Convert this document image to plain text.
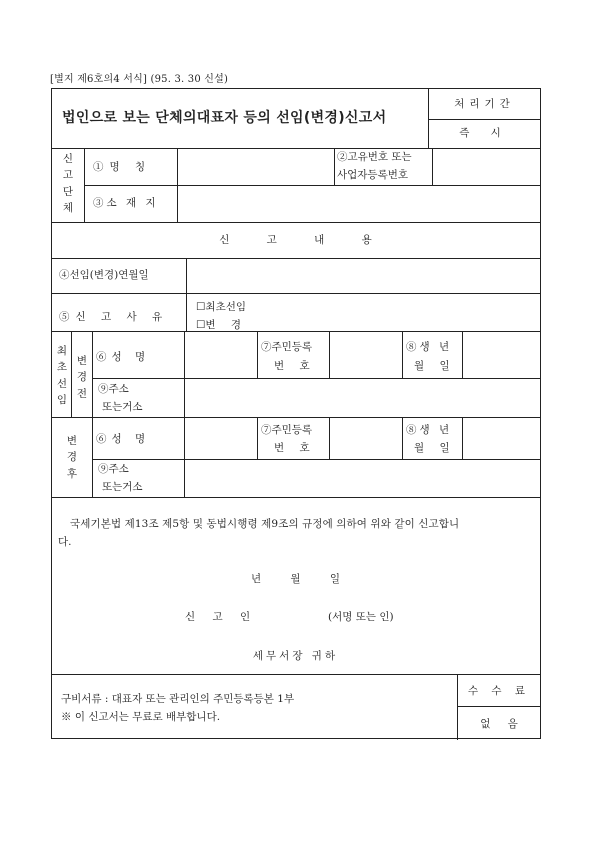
[별지 제6호의4 서식] (95. 3. 30 신설)
법인으로 보는 단체의대표자 등의 선임(변경)신고서
처리기간
즉 시
신
고
단
체
①명 칭
②고유번호 또는
사업자등록번호
③소 재 지
신 고 내 용
④선임(변경)연월일
⑤신 고 사 유
☐최초선임
☐변 경
최
초
선
임
변
경
전
⑥성 명
⑦주민등록
번 호
⑧생 년
월 일
⑨주소
또는거소
변
경
후
⑥성 명
⑦주민등록
번 호
⑧생 년
월 일
⑨주소
또는거소
국세기본법 제13조 제5항 및 동법시행령 제9조의 규정에 의하여 위와 같이 신고합니
다.
년 월 일
신 고 인	(서명 또는 인)
세무서장 귀하
구비서류 : 대표자 또는 관리인의 주민등록등본 1부
※ 이 신고서는 무료로 배부합니다.
수 수 료
없 음
